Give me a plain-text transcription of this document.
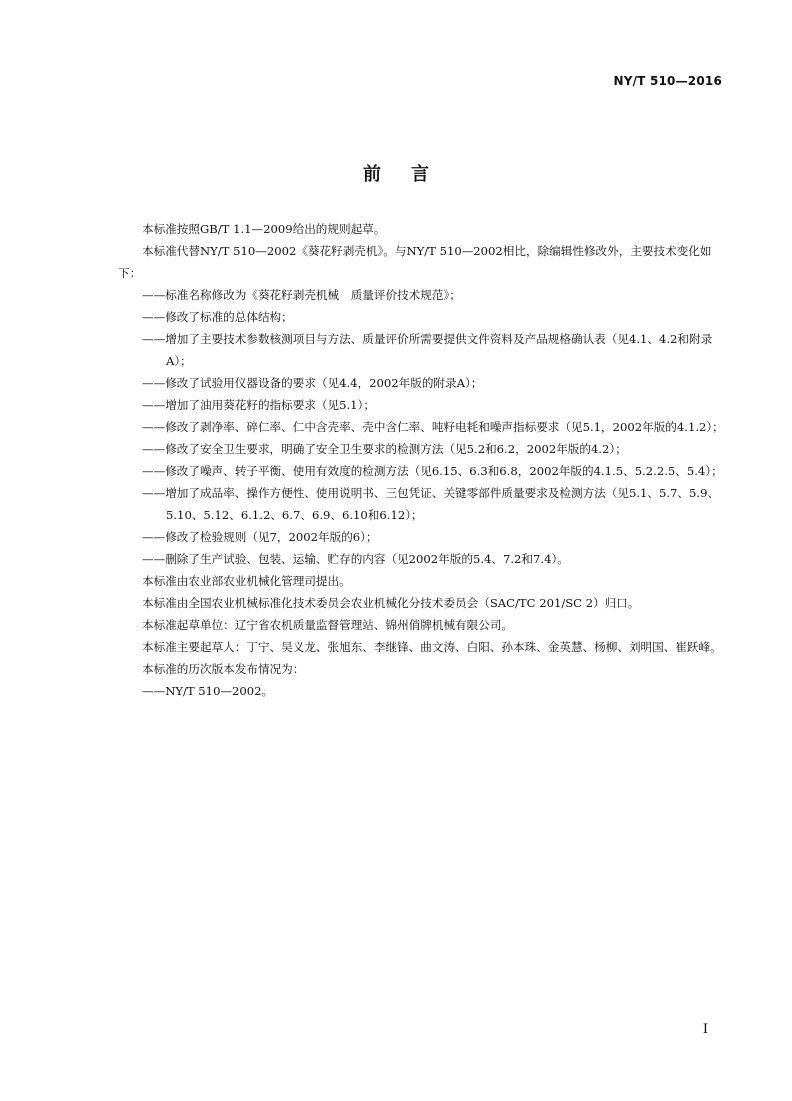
NY/T 510—2016
前言

本标准按照GB/T 1.1—2009给出的规则起草。

本标准代替NY/T 510—2002《葵花籽剥壳机》。与NY/T 510—2002相比，除编辑性修改外，主要技术变化如下：

——标准名称修改为《葵花籽剥壳机械　质量评价技术规范》；

——修改了标准的总体结构；

——增加了主要技术参数核测项目与方法、质量评价所需要提供文件资料及产品规格确认表（见4.1、4.2和附录A）；

——修改了试验用仪器设备的要求（见4.4，2002年版的附录A）；

——增加了油用葵花籽的指标要求（见5.1）；

——修改了剥净率、碎仁率、仁中含壳率、壳中含仁率、吨籽电耗和噪声指标要求（见5.1，2002年版的4.1.2）；

——修改了安全卫生要求，明确了安全卫生要求的检测方法（见5.2和6.2，2002年版的4.2）；

——修改了噪声、转子平衡、使用有效度的检测方法（见6.15、6.3和6.8，2002年版的4.1.5、5.2.2.5、5.4）；

——增加了成品率、操作方便性、使用说明书、三包凭证、关键零部件质量要求及检测方法（见5.1、5.7、5.9、5.10、5.12、6.1.2、6.7、6.9、6.10和6.12）；

——修改了检验规则（见7，2002年版的6）；

——删除了生产试验、包装、运输、贮存的内容（见2002年版的5.4、7.2和7.4）。

本标准由农业部农业机械化管理司提出。

本标准由全国农业机械标准化技术委员会农业机械化分技术委员会（SAC/TC 201/SC 2）归口。

本标准起草单位：辽宁省农机质量监督管理站、锦州俏牌机械有限公司。

本标准主要起草人：丁宁、吴义龙、张旭东、李继锋、曲文涛、白阳、孙本珠、金英慧、杨柳、刘明国、崔跃峰。

本标准的历次版本发布情况为：

——NY/T 510—2002。

I
